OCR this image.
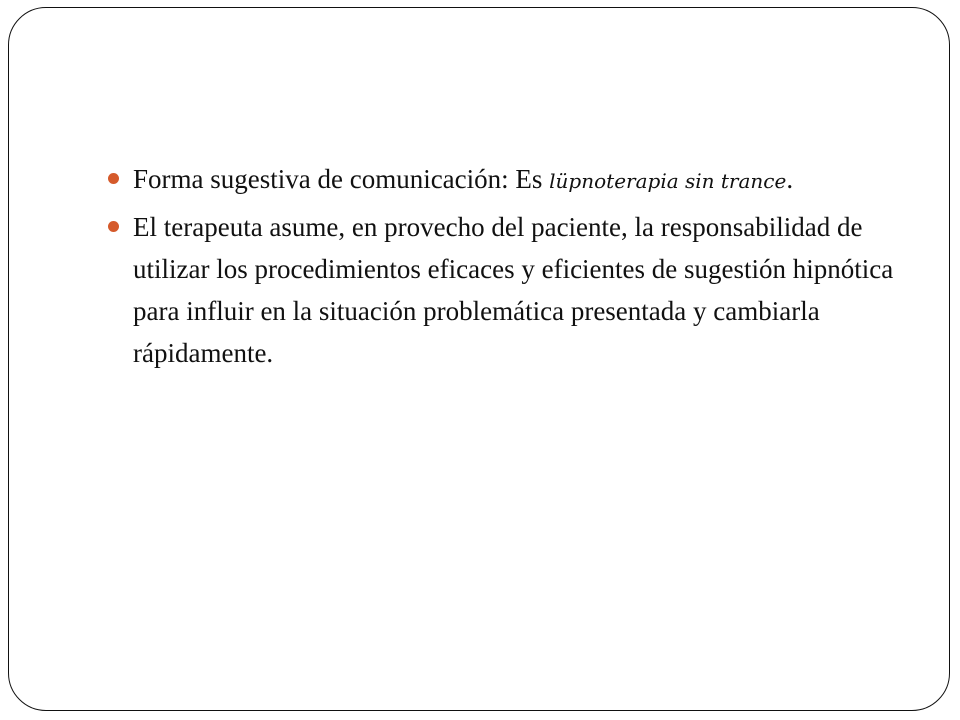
Forma sugestiva de comunicación: Es lüpnoterapia sin trance.
El terapeuta asume, en provecho del paciente, la responsabilidad de utilizar los procedimientos eficaces y eficientes de sugestión hipnótica para influir en la situación problemática presentada y cambiarla rápidamente.
